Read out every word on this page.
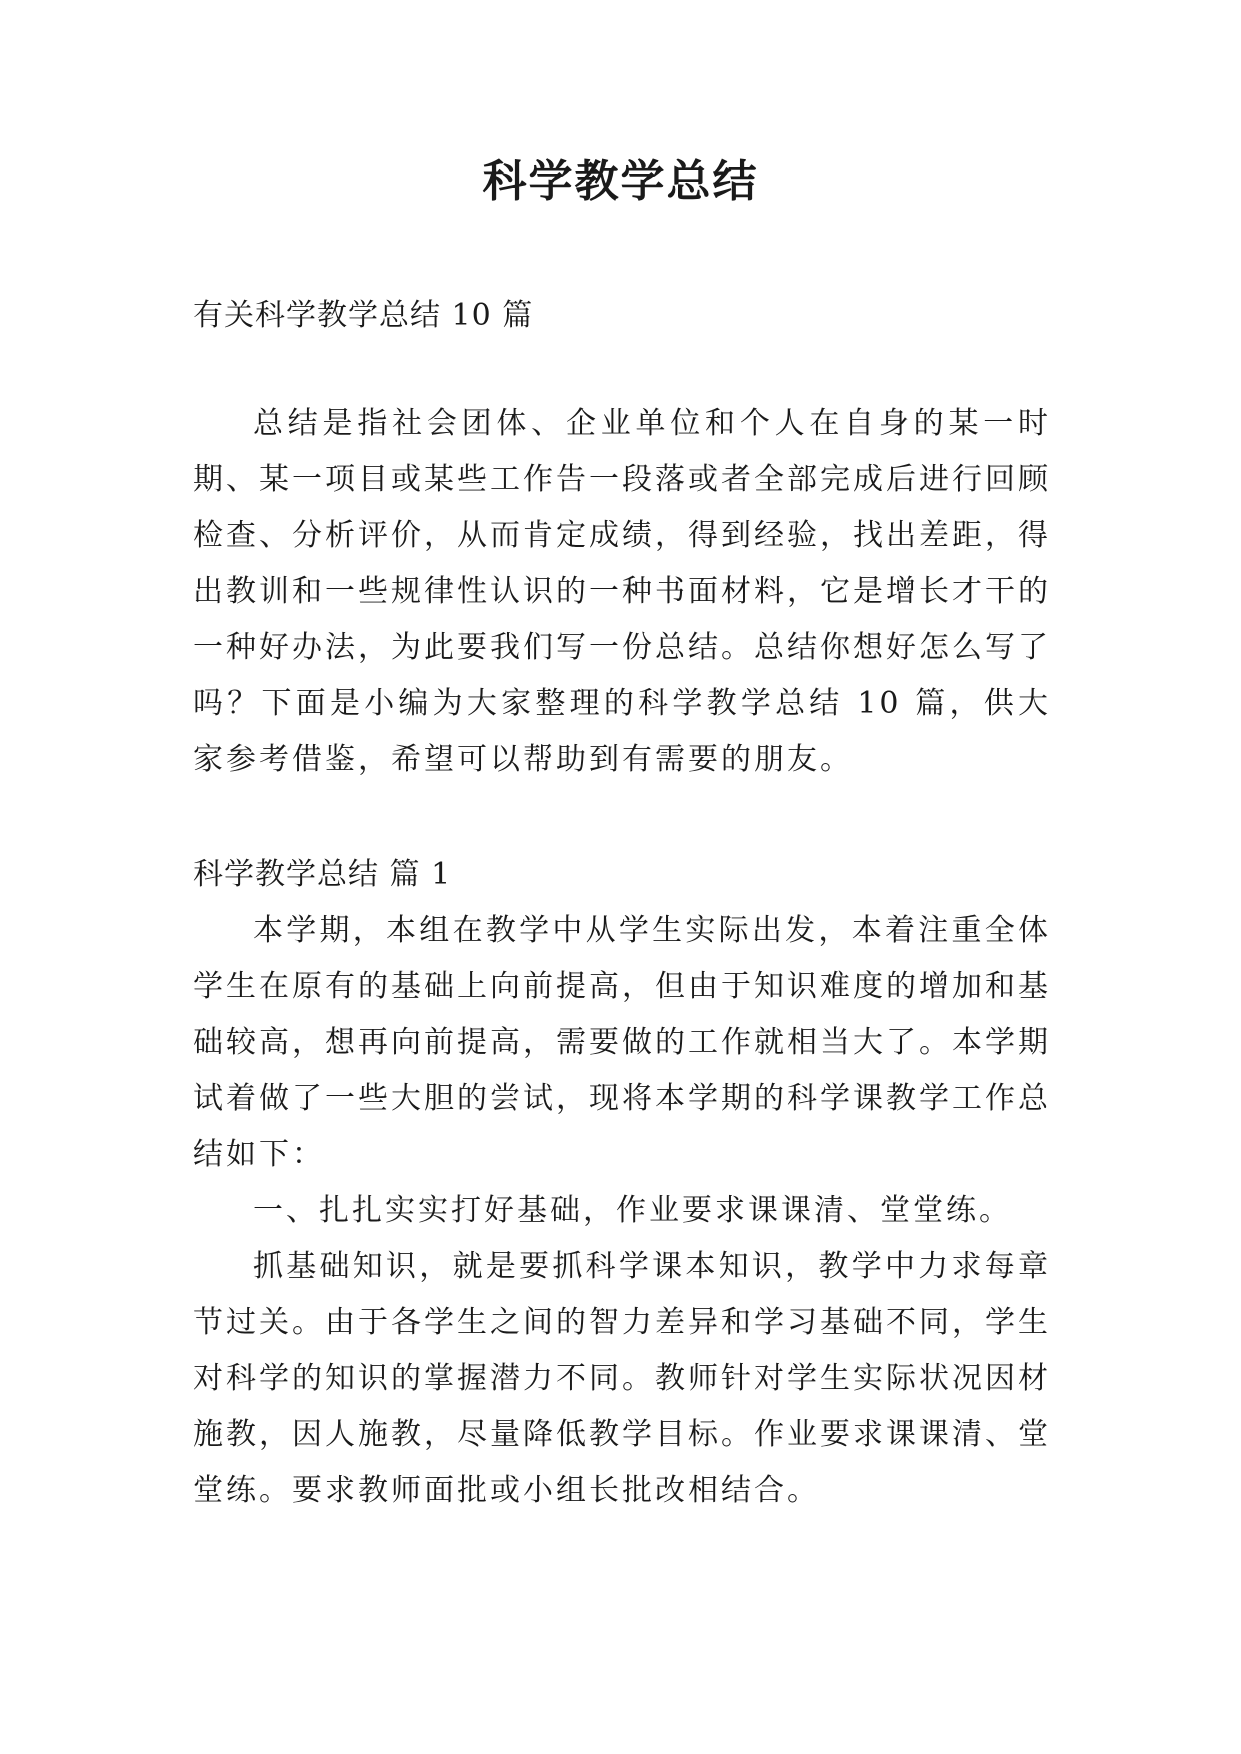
科学教学总结

有关科学教学总结 10 篇

总结是指社会团体、企业单位和个人在自身的某一时期、某一项目或某些工作告一段落或者全部完成后进行回顾检查、分析评价，从而肯定成绩，得到经验，找出差距，得出教训和一些规律性认识的一种书面材料，它是增长才干的一种好办法，为此要我们写一份总结。总结你想好怎么写了吗？下面是小编为大家整理的科学教学总结 10 篇，供大家参考借鉴，希望可以帮助到有需要的朋友。

科学教学总结 篇 1

本学期，本组在教学中从学生实际出发，本着注重全体学生在原有的基础上向前提高，但由于知识难度的增加和基础较高，想再向前提高，需要做的工作就相当大了。本学期试着做了一些大胆的尝试，现将本学期的科学课教学工作总结如下：

一、扎扎实实打好基础，作业要求课课清、堂堂练。

抓基础知识，就是要抓科学课本知识，教学中力求每章节过关。由于各学生之间的智力差异和学习基础不同，学生对科学的知识的掌握潜力不同。教师针对学生实际状况因材施教，因人施教，尽量降低教学目标。作业要求课课清、堂堂练。要求教师面批或小组长批改相结合。
